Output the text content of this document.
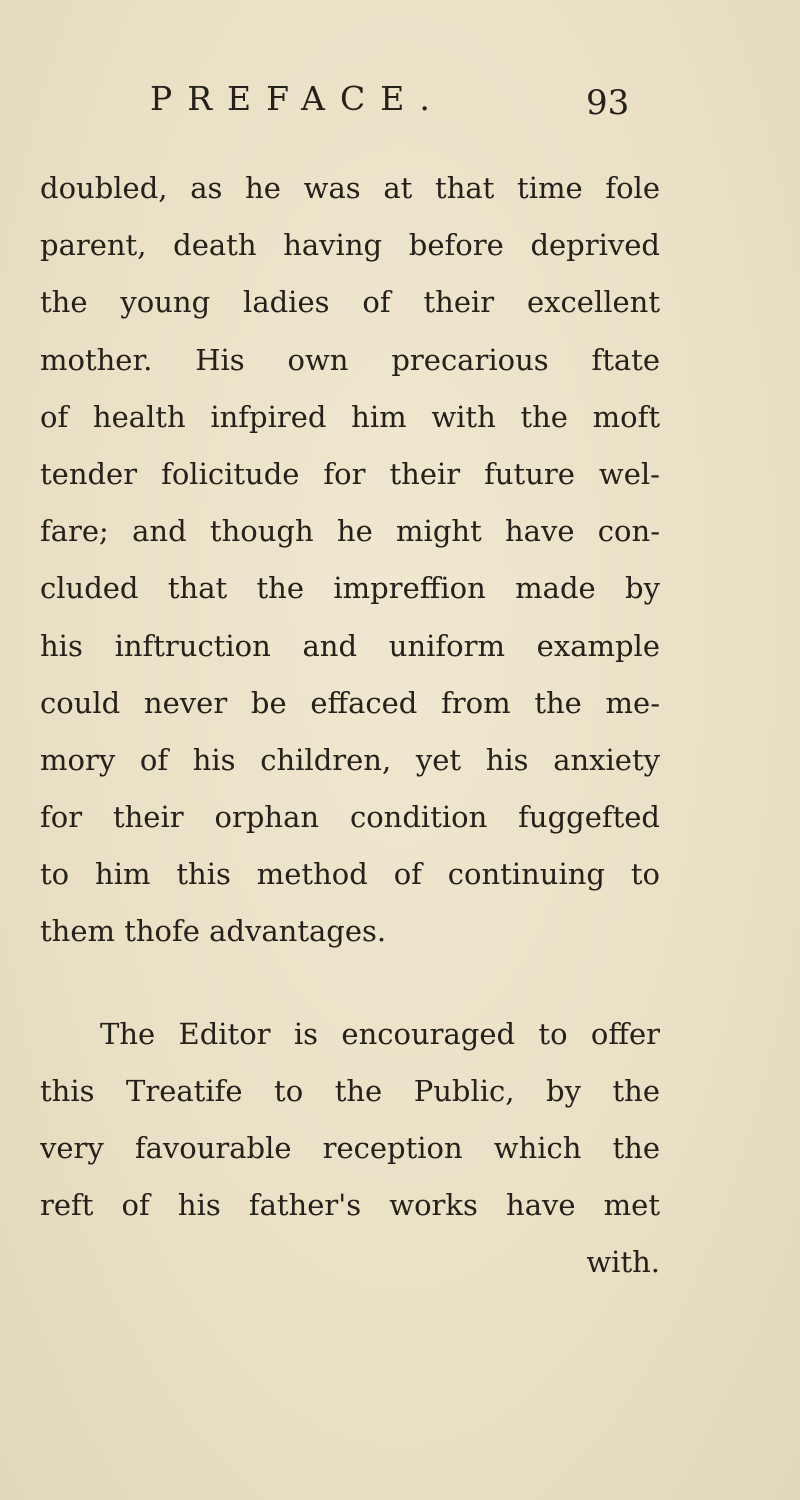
PREFACE.	93
doubled, as he was at that time fole
parent, death having before deprived
the young ladies of their excellent
mother. His own precarious ftate
of health infpired him with the moft
tender folicitude for their future wel-
fare; and though he might have con-
cluded that the impreffion made by
his inftruction and uniform example
could never be effaced from the me-
mory of his children, yet his anxiety
for their orphan condition fuggefted
to him this method of continuing to
them thofe advantages.
The Editor is encouraged to offer
this Treatife to the Public, by the
very favourable reception which the
reft of his father's works have met
with.
